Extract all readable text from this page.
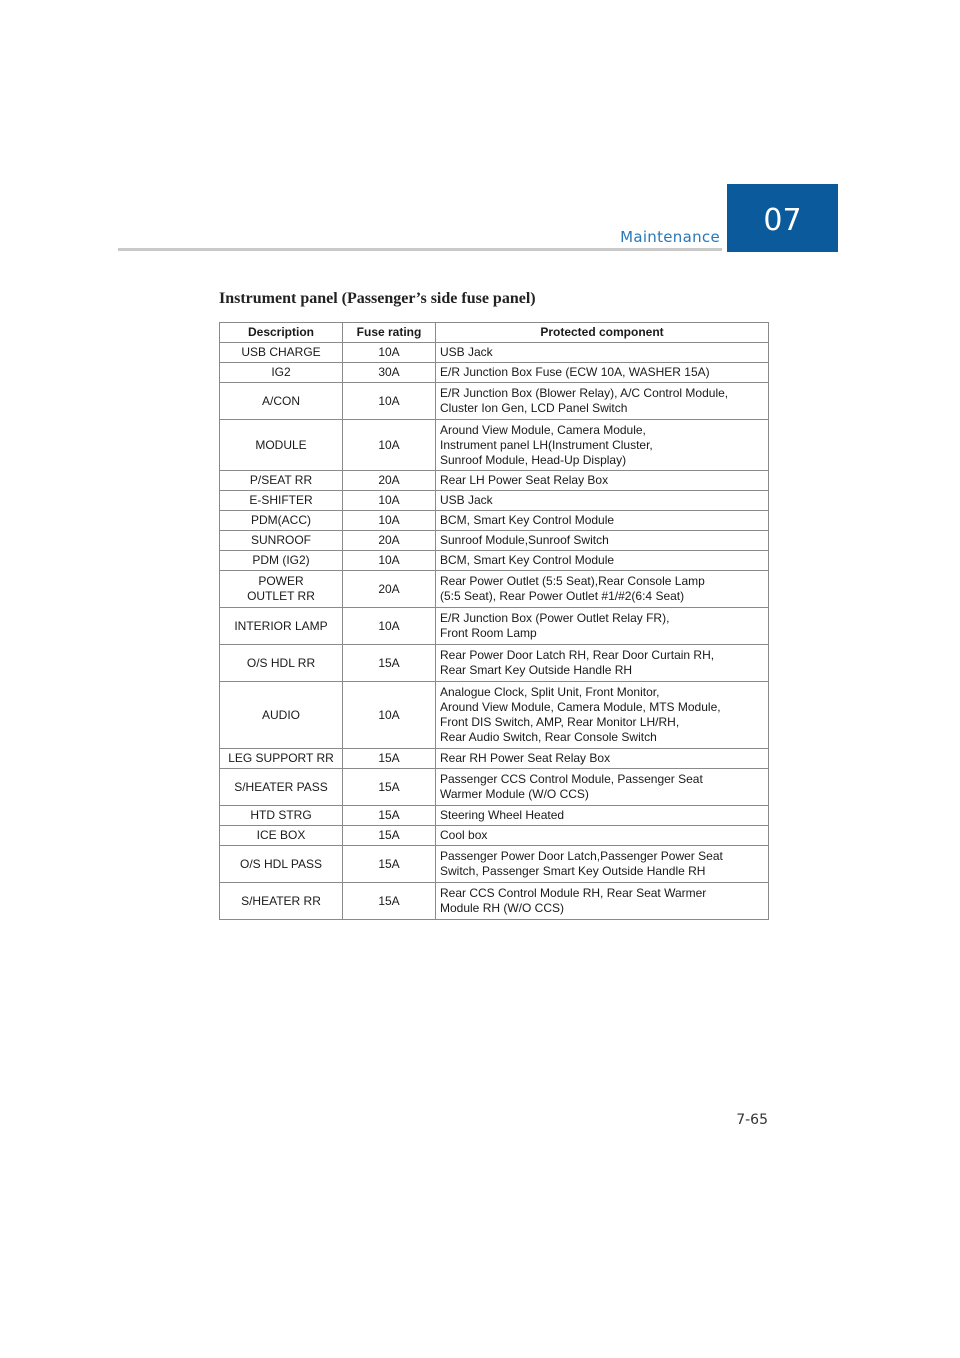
Maintenance	07
Instrument panel (Passenger’s side fuse panel)
Description	Fuse rating	Protected component
USB CHARGE	10A	USB Jack
IG2	30A	E/R Junction Box Fuse (ECW 10A, WASHER 15A)
A/CON	10A	E/R Junction Box (Blower Relay), A/C Control Module,
Cluster Ion Gen, LCD Panel Switch
MODULE	10A	Around View Module, Camera Module,
Instrument panel LH(Instrument Cluster,
Sunroof Module, Head-Up Display)
P/SEAT RR	20A	Rear LH Power Seat Relay Box
E-SHIFTER	10A	USB Jack
PDM(ACC)	10A	BCM, Smart Key Control Module
SUNROOF	20A	Sunroof Module,Sunroof Switch
PDM (IG2)	10A	BCM, Smart Key Control Module
POWER
OUTLET RR	20A	Rear Power Outlet (5:5 Seat),Rear Console Lamp
(5:5 Seat), Rear Power Outlet #1/#2(6:4 Seat)
INTERIOR LAMP	10A	E/R Junction Box (Power Outlet Relay FR),
Front Room Lamp
O/S HDL RR	15A	Rear Power Door Latch RH, Rear Door Curtain RH,
Rear Smart Key Outside Handle RH
AUDIO	10A	Analogue Clock, Split Unit, Front Monitor,
Around View Module, Camera Module, MTS Module,
Front DIS Switch, AMP, Rear Monitor LH/RH,
Rear Audio Switch, Rear Console Switch
LEG SUPPORT RR	15A	Rear RH Power Seat Relay Box
S/HEATER PASS	15A	Passenger CCS Control Module, Passenger Seat
Warmer Module (W/O CCS)
HTD STRG	15A	Steering Wheel Heated
ICE BOX	15A	Cool box
O/S HDL PASS	15A	Passenger Power Door Latch,Passenger Power Seat
Switch, Passenger Smart Key Outside Handle RH
S/HEATER RR	15A	Rear CCS Control Module RH, Rear Seat Warmer
Module RH (W/O CCS)
7-65
